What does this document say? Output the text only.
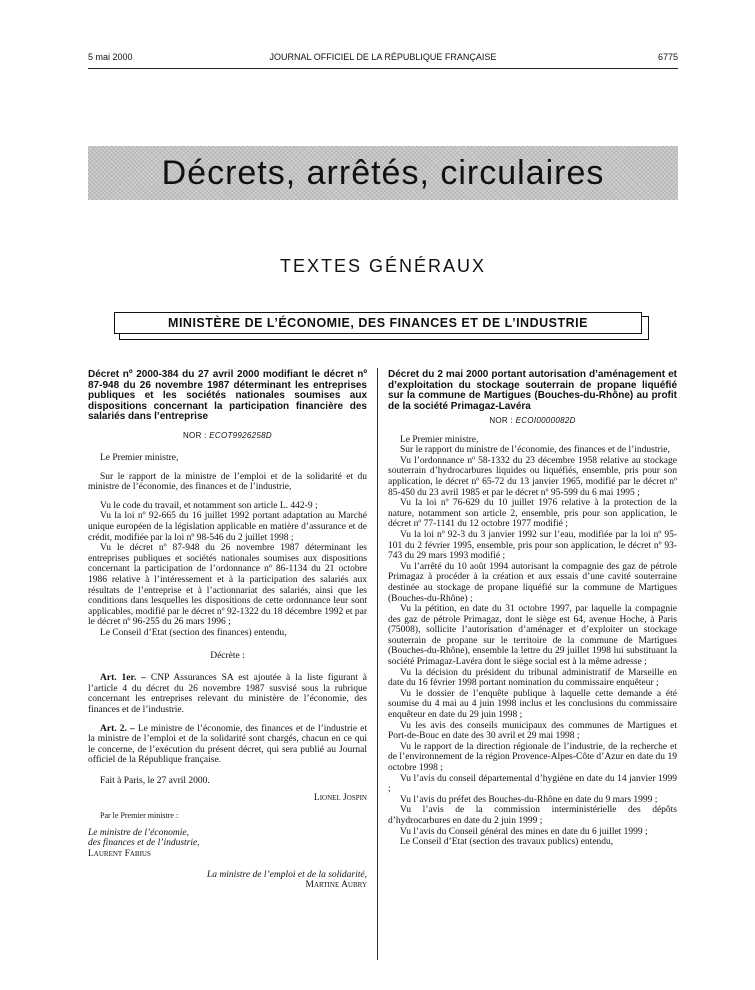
5 mai 2000	JOURNAL OFFICIEL DE LA RÉPUBLIQUE FRANÇAISE	6775
Décrets, arrêtés, circulaires
TEXTES GÉNÉRAUX
MINISTÈRE DE L’ÉCONOMIE, DES FINANCES ET DE L’INDUSTRIE
Décret nº 2000-384 du 27 avril 2000 modifiant le décret nº 87-948 du 26 novembre 1987 déterminant les entreprises publiques et les sociétés nationales soumises aux dispositions concernant la participation financière des salariés dans l’entreprise
NOR : ECOT9926258D

Le Premier ministre,

Sur le rapport de la ministre de l’emploi et de la solidarité et du ministre de l’économie, des finances et de l’industrie,

Vu le code du travail, et notamment son article L. 442-9 ;

Vu la loi nº 92-665 du 16 juillet 1992 portant adaptation au Marché unique européen de la législation applicable en matière d’assurance et de crédit, modifiée par la loi nº 98-546 du 2 juillet 1998 ;

Vu le décret nº 87-948 du 26 novembre 1987 déterminant les entreprises publiques et sociétés nationales soumises aux dispositions concernant la participation de l’ordonnance nº 86-1134 du 21 octobre 1986 relative à l’intéressement et à la participation des salariés aux résultats de l’entreprise et à l’actionnariat des salariés, ainsi que les conditions dans lesquelles les dispositions de cette ordonnance leur sont applicables, modifié par le décret nº 92-1322 du 18 décembre 1992 et par le décret nº 96-255 du 26 mars 1996 ;

Le Conseil d’Etat (section des finances) entendu,

Décrète :

Art. 1er. – CNP Assurances SA est ajoutée à la liste figurant à l’article 4 du décret du 26 novembre 1987 susvisé sous la rubrique concernant les entreprises relevant du ministère de l’économie, des finances et de l’industrie.

Art. 2. – Le ministre de l’économie, des finances et de l’industrie et la ministre de l’emploi et de la solidarité sont chargés, chacun en ce qui le concerne, de l’exécution du présent décret, qui sera publié au Journal officiel de la République française.

Fait à Paris, le 27 avril 2000.

Lionel Jospin

Par le Premier ministre :

Le ministre de l’économie,

des finances et de l’industrie,

Laurent Fabius

La ministre de l’emploi et de la solidarité,

Martine Aubry

Décret du 2 mai 2000 portant autorisation d’aménagement et d’exploitation du stockage souterrain de propane liquéfié sur la commune de Martigues (Bouches-du-Rhône) au profit de la société Primagaz-Lavéra
NOR : ECOI0000082D

Le Premier ministre,

Sur le rapport du ministre de l’économie, des finances et de l’industrie,

Vu l’ordonnance nº 58-1332 du 23 décembre 1958 relative au stockage souterrain d’hydrocarbures liquides ou liquéfiés, ensemble, pris pour son application, le décret nº 65-72 du 13 janvier 1965, modifié par le décret nº 85-450 du 23 avril 1985 et par le décret nº 95-599 du 6 mai 1995 ;

Vu la loi nº 76-629 du 10 juillet 1976 relative à la protection de la nature, notamment son article 2, ensemble, pris pour son application, le décret nº 77-1141 du 12 octobre 1977 modifié ;

Vu la loi nº 92-3 du 3 janvier 1992 sur l’eau, modifiée par la loi nº 95-101 du 2 février 1995, ensemble, pris pour son application, le décret nº 93-743 du 29 mars 1993 modifié ;

Vu l’arrêté du 10 août 1994 autorisant la compagnie des gaz de pétrole Primagaz à procéder à la création et aux essais d’une cavité souterraine destinée au stockage de propane liquéfié sur la commune de Martigues (Bouches-du-Rhône) ;

Vu la pétition, en date du 31 octobre 1997, par laquelle la compagnie des gaz de pétrole Primagaz, dont le siège est 64, avenue Hoche, à Paris (75008), sollicite l’autorisation d’aménager et d’exploiter un stockage souterrain de propane sur le territoire de la commune de Martigues (Bouches-du-Rhône), ensemble la lettre du 29 juillet 1998 lui substituant la société Primagaz-Lavéra dont le siège social est à la même adresse ;

Vu la décision du président du tribunal administratif de Marseille en date du 16 février 1998 portant nomination du commissaire enquêteur ;

Vu le dossier de l’enquête publique à laquelle cette demande a été soumise du 4 mai au 4 juin 1998 inclus et les conclusions du commissaire enquêteur en date du 29 juin 1998 ;

Vu les avis des conseils municipaux des communes de Martigues et Port-de-Bouc en date des 30 avril et 29 mai 1998 ;

Vu le rapport de la direction régionale de l’industrie, de la recherche et de l’environnement de la région Provence-Alpes-Côte d’Azur en date du 19 octobre 1998 ;

Vu l’avis du conseil départemental d’hygiène en date du 14 janvier 1999 ;

Vu l’avis du préfet des Bouches-du-Rhône en date du 9 mars 1999 ;

Vu l’avis de la commission interministérielle des dépôts d’hydrocarbures en date du 2 juin 1999 ;

Vu l’avis du Conseil général des mines en date du 6 juillet 1999 ;

Le Conseil d’Etat (section des travaux publics) entendu,
